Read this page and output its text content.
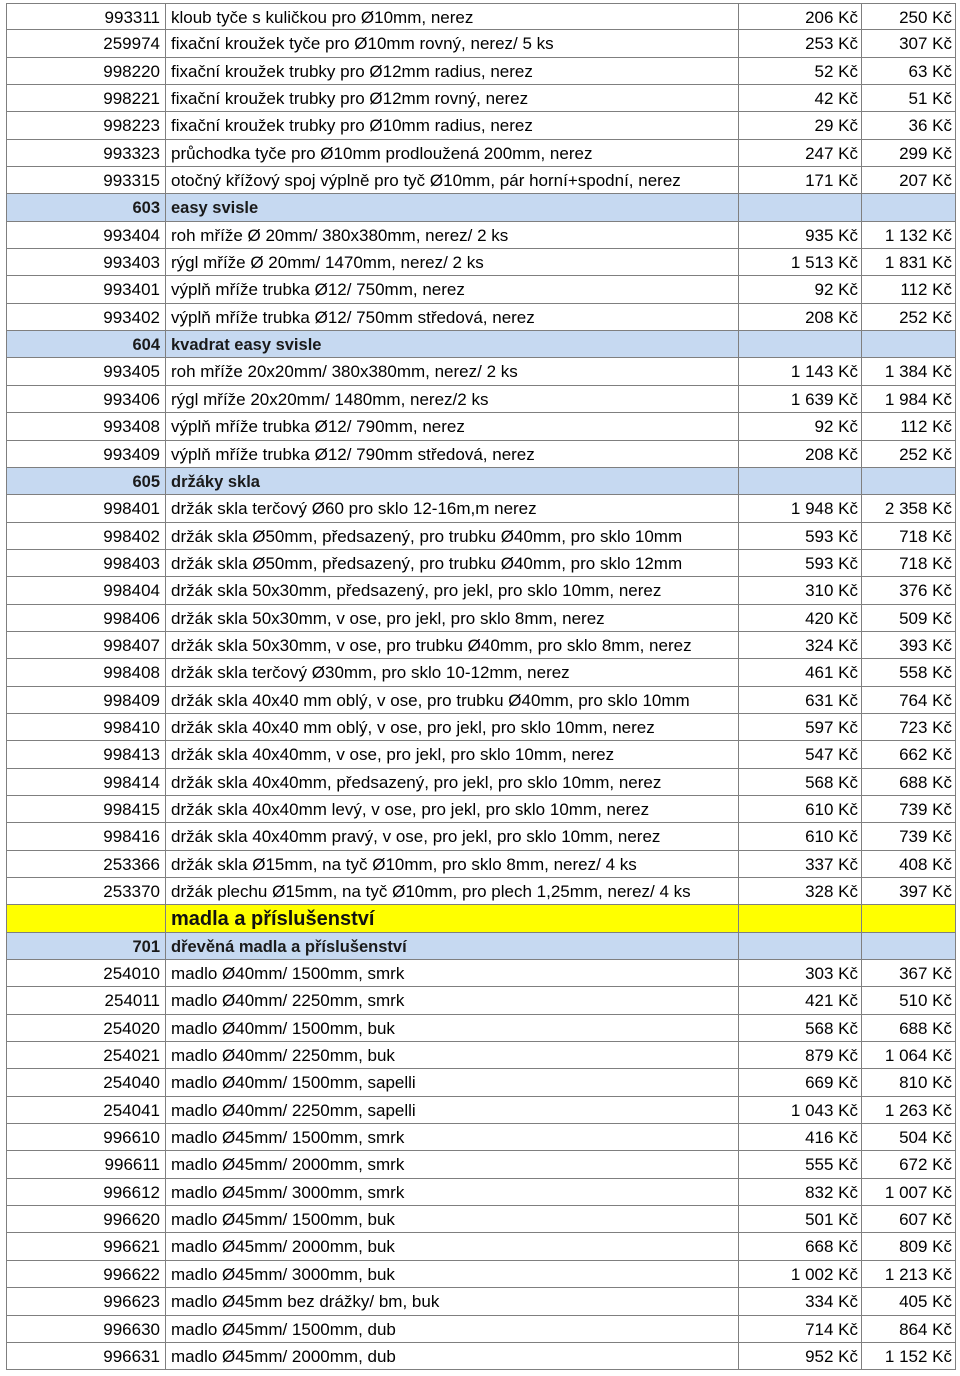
993311 kloub tyče s kuličkou pro Ø10mm, nerez	206 Kč	250 Kč
259974 fixační kroužek tyče pro Ø10mm rovný, nerez/ 5 ks	253 Kč	307 Kč
998220 fixační kroužek trubky pro Ø12mm radius, nerez	52 Kč	63 Kč
998221 fixační kroužek trubky pro Ø12mm rovný, nerez	42 Kč	51 Kč
998223 fixační kroužek trubky pro Ø10mm radius, nerez	29 Kč	36 Kč
993323 průchodka tyče pro Ø10mm prodloužená 200mm, nerez	247 Kč	299 Kč
993315 otočný křížový spoj výplně pro tyč Ø10mm, pár horní+spodní, nerez	171 Kč	207 Kč
603 easy svisle
993404 roh mříže Ø 20mm/ 380x380mm, nerez/ 2 ks	935 Kč	1 132 Kč
993403 rýgl mříže Ø 20mm/ 1470mm, nerez/ 2 ks	1 513 Kč	1 831 Kč
993401 výplň mříže trubka Ø12/ 750mm, nerez	92 Kč	112 Kč
993402 výplň mříže trubka Ø12/ 750mm středová, nerez	208 Kč	252 Kč
604 kvadrat easy svisle
993405 roh mříže 20x20mm/ 380x380mm, nerez/ 2 ks	1 143 Kč	1 384 Kč
993406 rýgl mříže 20x20mm/ 1480mm, nerez/2 ks	1 639 Kč	1 984 Kč
993408 výplň mříže trubka Ø12/ 790mm, nerez	92 Kč	112 Kč
993409 výplň mříže trubka Ø12/ 790mm středová, nerez	208 Kč	252 Kč
605 držáky skla
998401 držák skla terčový Ø60 pro sklo 12-16m,m nerez	1 948 Kč	2 358 Kč
998402 držák skla Ø50mm, předsazený, pro trubku Ø40mm, pro sklo 10mm	593 Kč	718 Kč
998403 držák skla Ø50mm, předsazený, pro trubku Ø40mm, pro sklo 12mm	593 Kč	718 Kč
998404 držák skla 50x30mm, předsazený, pro jekl, pro sklo 10mm, nerez	310 Kč	376 Kč
998406 držák skla 50x30mm, v ose, pro jekl, pro sklo 8mm, nerez	420 Kč	509 Kč
998407 držák skla 50x30mm, v ose, pro trubku Ø40mm, pro sklo 8mm, nerez	324 Kč	393 Kč
998408 držák skla terčový Ø30mm, pro sklo 10-12mm, nerez	461 Kč	558 Kč
998409 držák skla 40x40 mm oblý, v ose, pro trubku Ø40mm, pro sklo 10mm	631 Kč	764 Kč
998410 držák skla 40x40 mm oblý, v ose, pro jekl, pro sklo 10mm, nerez	597 Kč	723 Kč
998413 držák skla 40x40mm, v ose, pro jekl, pro sklo 10mm, nerez	547 Kč	662 Kč
998414 držák skla 40x40mm, předsazený, pro jekl, pro sklo 10mm, nerez	568 Kč	688 Kč
998415 držák skla 40x40mm levý, v ose, pro jekl, pro sklo 10mm, nerez	610 Kč	739 Kč
998416 držák skla 40x40mm pravý, v ose, pro jekl, pro sklo 10mm, nerez	610 Kč	739 Kč
253366 držák skla Ø15mm, na tyč Ø10mm, pro sklo 8mm, nerez/ 4 ks	337 Kč	408 Kč
253370 držák plechu Ø15mm, na tyč Ø10mm, pro plech 1,25mm, nerez/ 4 ks	328 Kč	397 Kč
madla a příslušenství
701 dřevěná madla a příslušenství
254010 madlo Ø40mm/ 1500mm, smrk	303 Kč	367 Kč
254011 madlo Ø40mm/ 2250mm, smrk	421 Kč	510 Kč
254020 madlo Ø40mm/ 1500mm, buk	568 Kč	688 Kč
254021 madlo Ø40mm/ 2250mm, buk	879 Kč	1 064 Kč
254040 madlo Ø40mm/ 1500mm, sapelli	669 Kč	810 Kč
254041 madlo Ø40mm/ 2250mm, sapelli	1 043 Kč	1 263 Kč
996610 madlo Ø45mm/ 1500mm, smrk	416 Kč	504 Kč
996611 madlo Ø45mm/ 2000mm, smrk	555 Kč	672 Kč
996612 madlo Ø45mm/ 3000mm, smrk	832 Kč	1 007 Kč
996620 madlo Ø45mm/ 1500mm, buk	501 Kč	607 Kč
996621 madlo Ø45mm/ 2000mm, buk	668 Kč	809 Kč
996622 madlo Ø45mm/ 3000mm, buk	1 002 Kč	1 213 Kč
996623 madlo Ø45mm bez drážky/ bm, buk	334 Kč	405 Kč
996630 madlo Ø45mm/ 1500mm, dub	714 Kč	864 Kč
996631 madlo Ø45mm/ 2000mm, dub	952 Kč	1 152 Kč
